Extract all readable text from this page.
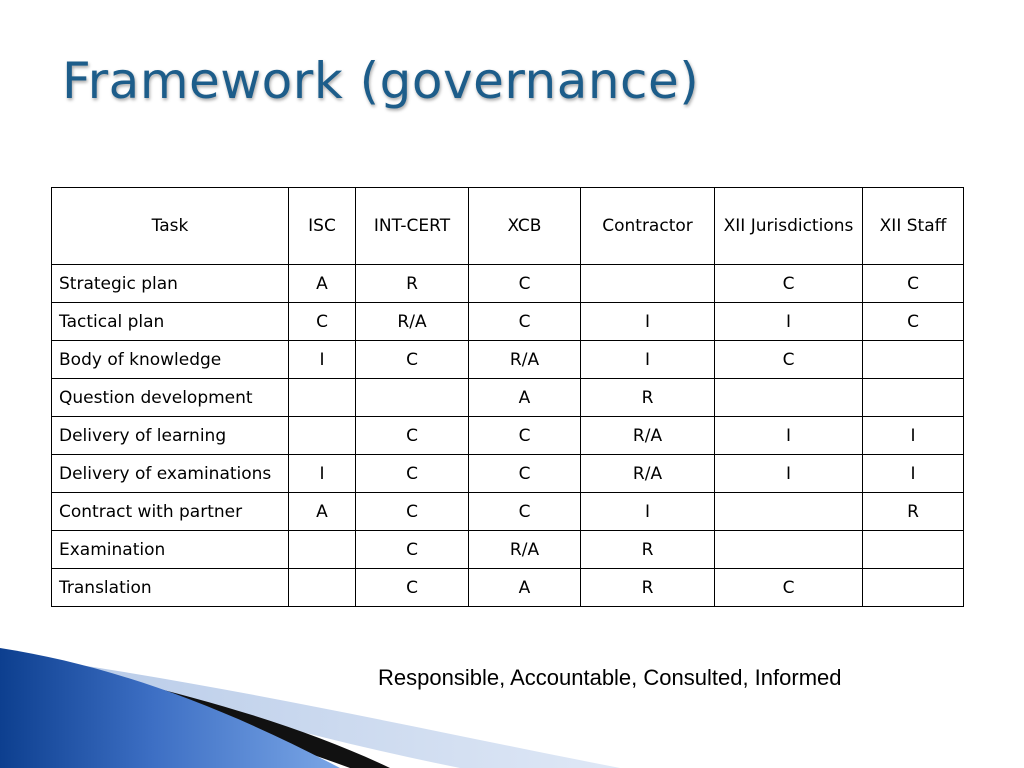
Framework (governance)
Task	ISC	INT-CERT	XCB	Contractor	XII Jurisdictions	XII Staff
Strategic plan	A	R	C		C	C
Tactical plan	C	R/A	C	I	I	C
Body of knowledge	I	C	R/A	I	C	
Question development			A	R		
Delivery of learning		C	C	R/A	I	I
Delivery of examinations	I	C	C	R/A	I	I
Contract with partner	A	C	C	I		R
Examination		C	R/A	R		
Translation		C	A	R	C	
Responsible, Accountable, Consulted, Informed
